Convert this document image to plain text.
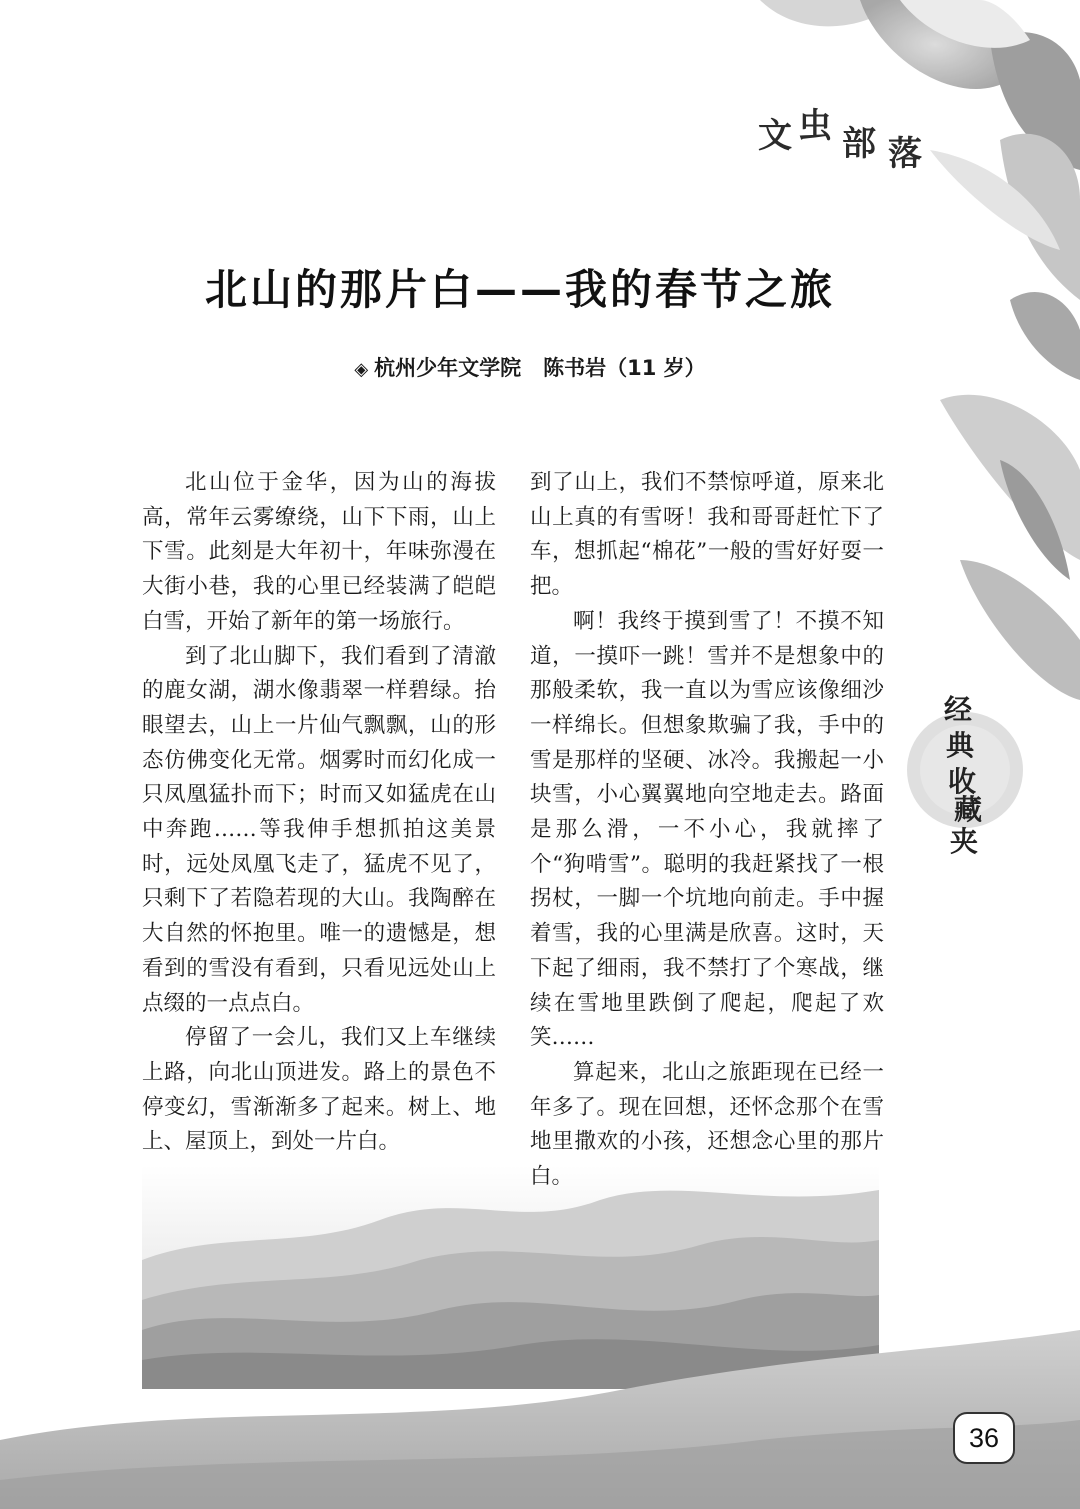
文 虫 部 落
北山的那片白——我的春节之旅
◈ 杭州少年文学院 陈书岩（11 岁）

北山位于金华，因为山的海拔高，常年云雾缭绕，山下下雨，山上下雪。此刻是大年初十，年味弥漫在大街小巷，我的心里已经装满了皑皑白雪，开始了新年的第一场旅行。

到了北山脚下，我们看到了清澈的鹿女湖，湖水像翡翠一样碧绿。抬眼望去，山上一片仙气飘飘，山的形态仿佛变化无常。烟雾时而幻化成一只凤凰猛扑而下；时而又如猛虎在山中奔跑……等我伸手想抓拍这美景时，远处凤凰飞走了，猛虎不见了，只剩下了若隐若现的大山。我陶醉在大自然的怀抱里。唯一的遗憾是，想看到的雪没有看到，只看见远处山上点缀的一点点白。

停留了一会儿，我们又上车继续上路，向北山顶进发。路上的景色不停变幻，雪渐渐多了起来。树上、地上、屋顶上，到处一片白。

到了山上，我们不禁惊呼道，原来北山上真的有雪呀！我和哥哥赶忙下了车，想抓起“棉花”一般的雪好好耍一把。

啊！我终于摸到雪了！不摸不知道，一摸吓一跳！雪并不是想象中的那般柔软，我一直以为雪应该像细沙一样绵长。但想象欺骗了我，手中的雪是那样的坚硬、冰冷。我搬起一小块雪，小心翼翼地向空地走去。路面是那么滑，一不小心，我就摔了个“狗啃雪”。聪明的我赶紧找了一根拐杖，一脚一个坑地向前走。手中握着雪，我的心里满是欣喜。这时，天下起了细雨，我不禁打了个寒战，继续在雪地里跌倒了爬起，爬起了欢笑……

算起来，北山之旅距现在已经一年多了。现在回想，还怀念那个在雪地里撒欢的小孩，还想念心里的那片白。

经
典
收
藏
夹
36
